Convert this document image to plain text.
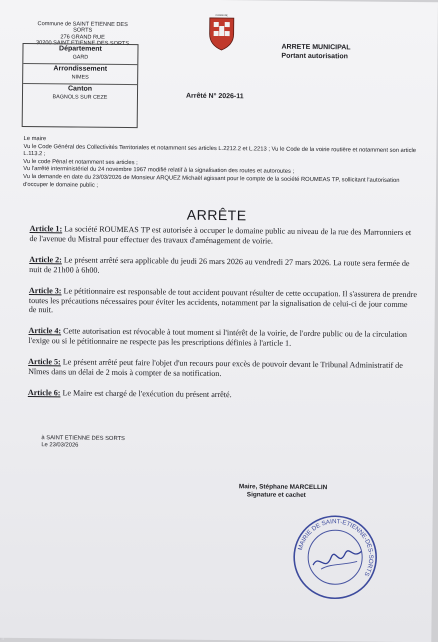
Commune de SAINT ETIENNE DES SORTS
276 GRAND RUE
30200 SAINT ETIENNE DES SORTS
COMMUNE
ARRETE MUNICIPAL
Portant autorisation
Département
GARD
Arrondissement
NIMES
Canton
BAGNOLS SUR CEZE	Arrêté N° 2026-11
Le maire
Vu le Code Général des Collectivités Territoriales et notamment ses articles L.2212.2 et L.2213 ; Vu le Code de la voirie routière et notamment son article L.113.2 ;
Vu le code Pénal et notamment ses articles ;
Vu l'arrêté interministériel du 24 novembre 1967 modifié relatif à la signalisation des routes et autoroutes ;
Vu la demande en date du 23/03/2026 de Monsieur ARQUEZ Michaël agissant pour le compte de la société ROUMEAS TP, sollicitant l'autorisation d'occuper le domaine public ;
ARRÊTE

Article 1: La société ROUMEAS TP est autorisée à occuper le domaine public au niveau de la rue des Marronniers et de l'avenue du Mistral pour effectuer des travaux d'aménagement de voirie.

Article 2: Le présent arrêté sera applicable du jeudi 26 mars 2026 au vendredi 27 mars 2026. La route sera fermée de nuit de 21h00 à 6h00.

Article 3: Le pétitionnaire est responsable de tout accident pouvant résulter de cette occupation. Il s'assurera de prendre toutes les précautions nécessaires pour éviter les accidents, notamment par la signalisation de celui-ci de jour comme de nuit.

Article 4: Cette autorisation est révocable à tout moment si l'intérêt de la voirie, de l'ordre public ou de la circulation l'exige ou si le pétitionnaire ne respecte pas les prescriptions définies à l'article 1.

Article 5: Le présent arrêté peut faire l'objet d'un recours pour excès de pouvoir devant le Tribunal Administratif de Nîmes dans un délai de 2 mois à compter de sa notification.

Article 6: Le Maire est chargé de l'exécution du présent arrêté.

à SAINT ETIENNE DES SORTS
Le 23/03/2026
Maire, Stéphane MARCELLIN
Signature et cachet
MAIRIE DE SAINT-ETIENNE-DES-SORTS
